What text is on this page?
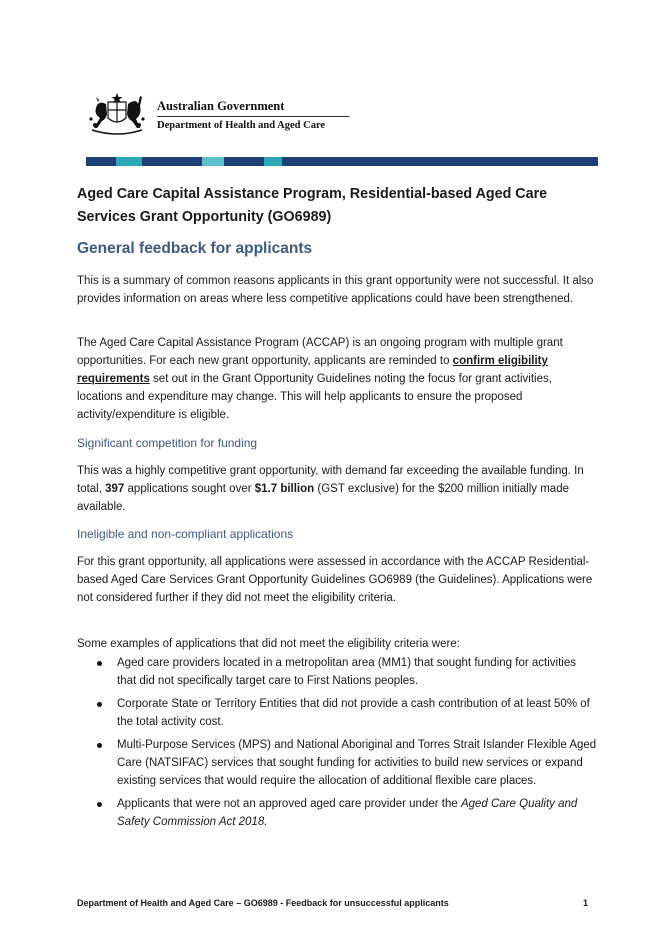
Australian Government
Department of Health and Aged Care
Aged Care Capital Assistance Program, Residential-based Aged Care Services Grant Opportunity (GO6989)
General feedback for applicants

This is a summary of common reasons applicants in this grant opportunity were not successful. It also provides information on areas where less competitive applications could have been strengthened.

The Aged Care Capital Assistance Program (ACCAP) is an ongoing program with multiple grant opportunities. For each new grant opportunity, applicants are reminded to confirm eligibility requirements set out in the Grant Opportunity Guidelines noting the focus for grant activities, locations and expenditure may change. This will help applicants to ensure the proposed activity/expenditure is eligible.

Significant competition for funding

This was a highly competitive grant opportunity, with demand far exceeding the available funding. In total, 397 applications sought over $1.7 billion (GST exclusive) for the $200 million initially made available.

Ineligible and non-compliant applications

For this grant opportunity, all applications were assessed in accordance with the ACCAP Residential-based Aged Care Services Grant Opportunity Guidelines GO6989 (the Guidelines). Applications were not considered further if they did not meet the eligibility criteria.

Some examples of applications that did not meet the eligibility criteria were:

Aged care providers located in a metropolitan area (MM1) that sought funding for activities that did not specifically target care to First Nations peoples.
Corporate State or Territory Entities that did not provide a cash contribution of at least 50% of the total activity cost.
Multi-Purpose Services (MPS) and National Aboriginal and Torres Strait Islander Flexible Aged Care (NATSIFAC) services that sought funding for activities to build new services or expand existing services that would require the allocation of additional flexible care places.
Applicants that were not an approved aged care provider under the Aged Care Quality and Safety Commission Act 2018.
Department of Health and Aged Care – GO6989 - Feedback for unsuccessful applicants	1
